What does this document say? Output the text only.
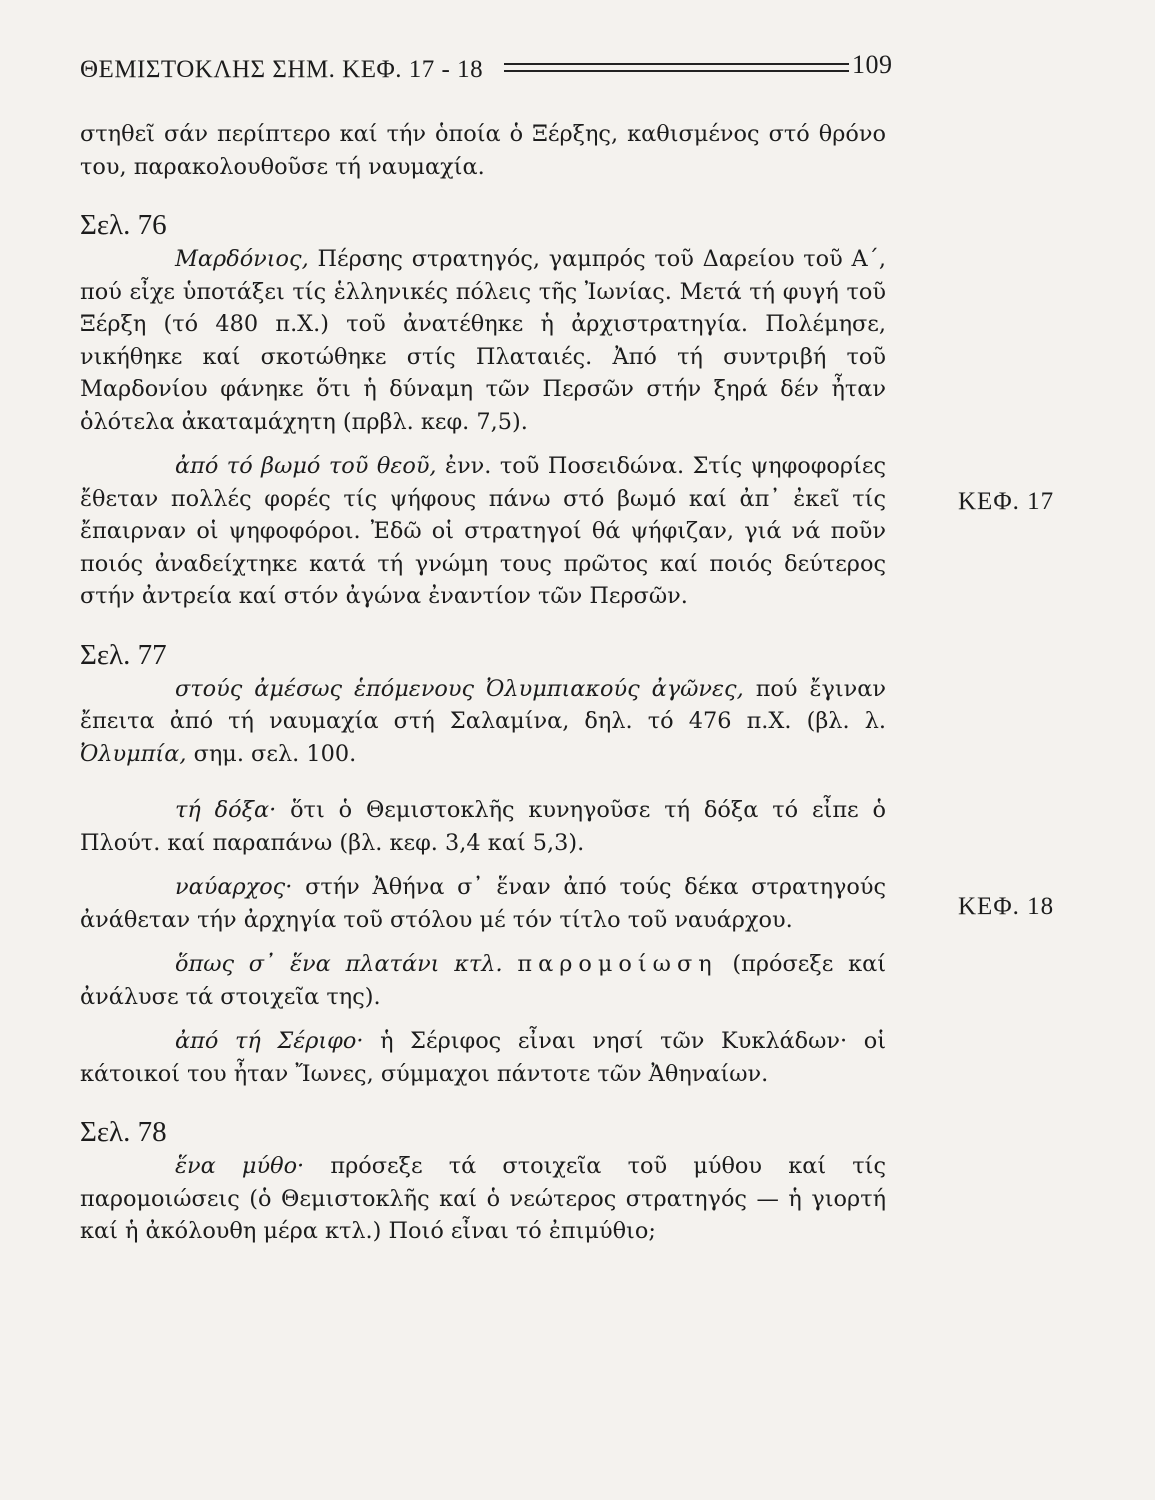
ΘΕΜΙΣΤΟΚΛΗΣ ΣΗΜ. ΚΕΦ. 17 - 18	109

στηθεῖ σάν περίπτερο καί τήν ὁποία ὁ Ξέρξης, καθισμένος στό θρόνο του, παρακολουθοῦσε τή ναυμαχία.

Σελ. 76

Μαρδόνιος, Πέρσης στρατηγός, γαμπρός τοῦ Δαρείου τοῦ Α΄, πού εἶχε ὑποτάξει τίς ἑλληνικές πόλεις τῆς Ἰωνίας. Μετά τή φυγή τοῦ Ξέρξη (τό 480 π.Χ.) τοῦ ἀνατέθηκε ἡ ἀρχιστρατηγία. Πολέμησε, νικήθηκε καί σκοτώθηκε στίς Πλαταιές. Ἀπό τή συντριβή τοῦ Μαρδονίου φάνηκε ὅτι ἡ δύναμη τῶν Περσῶν στήν ξηρά δέν ἦταν ὁλότελα ἀκαταμάχητη (πρβλ. κεφ. 7,5).

ἀπό τό βωμό τοῦ θεοῦ, ἐνν. τοῦ Ποσειδώνα. Στίς ψηφοφορίες ἔθεταν πολλές φορές τίς ψήφους πάνω στό βωμό καί ἀπ᾿ ἐκεῖ τίς ἔπαιρναν οἱ ψηφοφόροι. Ἐδῶ οἱ στρατηγοί θά ψήφιζαν, γιά νά ποῦν ποιός ἀναδείχτηκε κατά τή γνώμη τους πρῶτος καί ποιός δεύτερος στήν ἀντρεία καί στόν ἀγώνα ἐναντίον τῶν Περσῶν.

Σελ. 77

στούς ἀμέσως ἑπόμενους Ὀλυμπιακούς ἀγῶνες, πού ἔγιναν ἔπειτα ἀπό τή ναυμαχία στή Σαλαμίνα, δηλ. τό 476 π.Χ. (βλ. λ. Ὀλυμπία, σημ. σελ. 100.

τή δόξα· ὅτι ὁ Θεμιστοκλῆς κυνηγοῦσε τή δόξα τό εἶπε ὁ Πλούτ. καί παραπάνω (βλ. κεφ. 3,4 καί 5,3).

ναύαρχος· στήν Ἀθήνα σ᾿ ἕναν ἀπό τούς δέκα στρατηγούς ἀνάθεταν τήν ἀρχηγία τοῦ στόλου μέ τόν τίτλο τοῦ ναυάρχου.

ὅπως σ᾿ ἕνα πλατάνι κτλ. παρομοίωση (πρόσεξε καί ἀνάλυσε τά στοιχεῖα της).

ἀπό τή Σέριφο· ἡ Σέριφος εἶναι νησί τῶν Κυκλάδων· οἱ κάτοικοί του ἦταν Ἴωνες, σύμμαχοι πάντοτε τῶν Ἀθηναίων.

Σελ. 78

ἕνα μύθο· πρόσεξε τά στοιχεῖα τοῦ μύθου καί τίς παρομοιώσεις (ὁ Θεμιστοκλῆς καί ὁ νεώτερος στρατηγός — ἡ γιορτή καί ἡ ἀκόλουθη μέρα κτλ.) Ποιό εἶναι τό ἐπιμύθιο;

ΚΕΦ. 17
ΚΕΦ. 18
